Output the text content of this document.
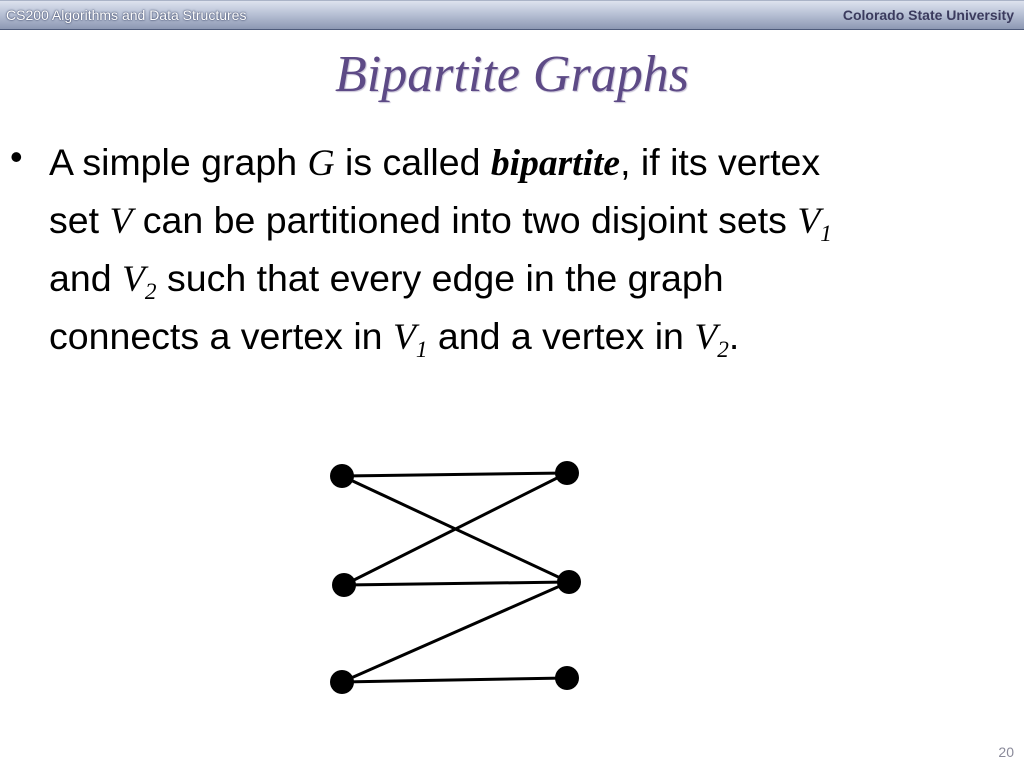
CS200 Algorithms and Data Structures	Colorado State University
Bipartite Graphs
• A simple graph G is called bipartite, if its vertex
set V can be partitioned into two disjoint sets $V_1$
and $V_2$ such that every edge in the graph
connects a vertex in $V_1$ and a vertex in $V_2$.
20
